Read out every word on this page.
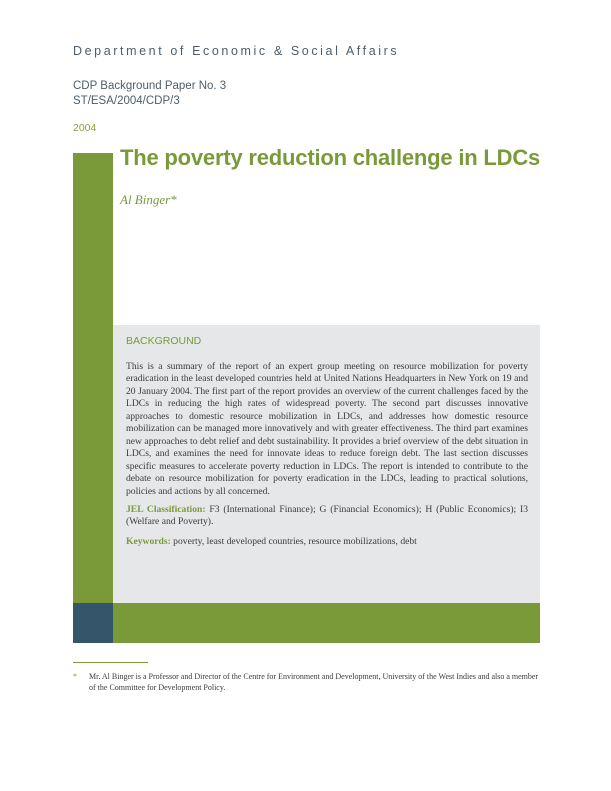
Department of Economic & Social Affairs
CDP Background Paper No. 3
ST/ESA/2004/CDP/3
2004
The poverty reduction challenge in LDCs
Al Binger*
BACKGROUND

This is a summary of the report of an expert group meeting on resource mobilization for poverty eradication in the least developed countries held at United Nations Headquarters in New York on 19 and 20 January 2004. The first part of the report provides an overview of the current challenges faced by the LDCs in reducing the high rates of widespread poverty. The second part discusses innovative approaches to domestic resource mobilization in LDCs, and addresses how domestic resource mobilization can be managed more innovatively and with greater effectiveness. The third part examines new approaches to debt relief and debt sustainability. It provides a brief overview of the debt situation in LDCs, and examines the need for innovate ideas to reduce foreign debt. The last section discusses specific measures to accelerate poverty reduction in LDCs. The report is intended to contribute to the debate on resource mobilization for poverty eradication in the LDCs, leading to practical solutions, policies and actions by all concerned.

JEL Classification: F3 (International Finance); G (Financial Economics); H (Public Economics); I3 (Welfare and Poverty).

Keywords: poverty, least developed countries, resource mobilizations, debt

*	Mr. Al Binger is a Professor and Director of the Centre for Environment and Development, University of the West Indies and also a member of the Committee for Development Policy.
